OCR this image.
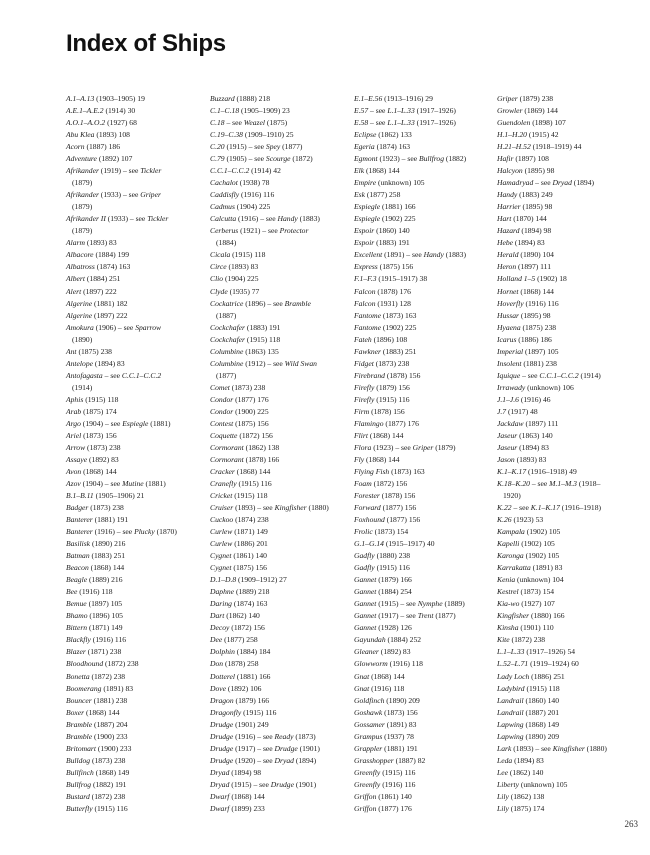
Index of Ships
A.1–A.13 (1903–1905) 19
A.E.1–A.E.2 (1914) 30
A.O.1–A.O.2 (1927) 68
Abu Klea (1893) 108
Acorn (1887) 186
Adventure (1892) 107
Afrikander (1919) – see Tickler
(1879)
Afrikander (1933) – see Griper
(1879)
Afrikander II (1933) – see Tickler
(1879)
Alarm (1893) 83
Albacore (1884) 199
Albatross (1874) 163
Albert (1884) 251
Alert (1897) 222
Algerine (1881) 182
Algerine (1897) 222
Amokura (1906) – see Sparrow
(1890)
Ant (1875) 238
Antelope (1894) 83
Antofagasta – see C.C.1–C.C.2
(1914)
Aphis (1915) 118
Arab (1875) 174
Argo (1904) – see Espiegle (1881)
Ariel (1873) 156
Arrow (1873) 238
Assaye (1892) 83
Avon (1868) 144
Azov (1904) – see Mutine (1881)
B.1–B.11 (1905–1906) 21
Badger (1873) 238
Banterer (1881) 191
Banterer (1916) – see Plucky (1870)
Basilisk (1890) 216
Batman (1883) 251
Beacon (1868) 144
Beagle (1889) 216
Bee (1916) 118
Bemue (1897) 105
Bhamo (1896) 105
Bittern (1871) 149
Blackfly (1916) 116
Blazer (1871) 238
Bloodhound (1872) 238
Bonetta (1872) 238
Boomerang (1891) 83
Bouncer (1881) 238
Boxer (1868) 144
Bramble (1887) 204
Bramble (1900) 233
Britomart (1900) 233
Bulldog (1873) 238
Bullfinch (1868) 149
Bullfrog (1882) 191
Bustard (1872) 238
Butterfly (1915) 116
Buzzard (1888) 218
C.1–C.18 (1905–1909) 23
C.18 – see Weazel (1875)
C.19–C.38 (1909–1910) 25
C.20 (1915) – see Spey (1877)
C.79 (1905) – see Scourge (1872)
C.C.1–C.C.2 (1914) 42
Cachalot (1938) 78
Caddisfly (1916) 116
Cadmus (1904) 225
Calcutta (1916) – see Handy (1883)
Cerberus (1921) – see Protector
(1884)
Cicala (1915) 118
Circe (1893) 83
Clio (1904) 225
Clyde (1935) 77
Cockatrice (1896) – see Bramble
(1887)
Cockchafer (1883) 191
Cockchafer (1915) 118
Columbine (1863) 135
Columbine (1912) – see Wild Swan
(1877)
Comet (1873) 238
Condor (1877) 176
Condor (1900) 225
Contest (1875) 156
Coquette (1872) 156
Cormorant (1862) 138
Cormorant (1878) 166
Cracker (1868) 144
Cranefly (1915) 116
Cricket (1915) 118
Cruiser (1893) – see Kingfisher (1880)
Cuckoo (1874) 238
Curlew (1871) 149
Curlew (1886) 201
Cygnet (1861) 140
Cygnet (1875) 156
D.1–D.8 (1909–1912) 27
Daphne (1889) 218
Daring (1874) 163
Dart (1862) 140
Decoy (1872) 156
Dee (1877) 258
Dolphin (1884) 184
Don (1878) 258
Dotterel (1881) 166
Dove (1892) 106
Dragon (1879) 166
Dragonfly (1915) 116
Drudge (1901) 249
Drudge (1916) – see Ready (1873)
Drudge (1917) – see Drudge (1901)
Drudge (1920) – see Dryad (1894)
Dryad (1894) 98
Dryad (1915) – see Drudge (1901)
Dwarf (1868) 144
Dwarf (1899) 233
E.1–E.56 (1913–1916) 29
E.57 – see L.1–L.33 (1917–1926)
E.58 – see L.1–L.33 (1917–1926)
Eclipse (1862) 133
Egeria (1874) 163
Egmont (1923) – see Bullfrog (1882)
Elk (1868) 144
Empire (unknown) 105
Esk (1877) 258
Espiegle (1881) 166
Espiegle (1902) 225
Espoir (1860) 140
Espoir (1883) 191
Excellent (1891) – see Handy (1883)
Express (1875) 156
F.1–F.3 (1915–1917) 38
Falcon (1878) 176
Falcon (1931) 128
Fantome (1873) 163
Fantome (1902) 225
Fateh (1896) 108
Fawkner (1883) 251
Fidget (1873) 238
Firebrand (1878) 156
Firefly (1879) 156
Firefly (1915) 116
Firm (1878) 156
Flamingo (1877) 176
Flirt (1868) 144
Flora (1923) – see Griper (1879)
Fly (1868) 144
Flying Fish (1873) 163
Foam (1872) 156
Forester (1878) 156
Forward (1877) 156
Foxhound (1877) 156
Frolic (1873) 154
G.1–G.14 (1915–1917) 40
Gadfly (1880) 238
Gadfly (1915) 116
Gannet (1879) 166
Gannet (1884) 254
Gannet (1915) – see Nymphe (1889)
Gannet (1917) – see Trent (1877)
Gannet (1928) 126
Gayundah (1884) 252
Gleaner (1892) 83
Glowworm (1916) 118
Gnat (1868) 144
Gnat (1916) 118
Goldfinch (1890) 209
Goshawk (1873) 156
Gossamer (1891) 83
Grampus (1937) 78
Grappler (1881) 191
Grasshopper (1887) 82
Greenfly (1915) 116
Greenfly (1916) 116
Griffon (1861) 140
Griffon (1877) 176
Griper (1879) 238
Growler (1869) 144
Guendolen (1898) 107
H.1–H.20 (1915) 42
H.21–H.52 (1918–1919) 44
Hafir (1897) 108
Halcyon (1895) 98
Hamadryad – see Dryad (1894)
Handy (1883) 249
Harrier (1895) 98
Hart (1870) 144
Hazard (1894) 98
Hebe (1894) 83
Herald (1890) 104
Heron (1897) 111
Holland 1–5 (1902) 18
Hornet (1868) 144
Hoverfly (1916) 116
Hussar (1895) 98
Hyaena (1875) 238
Icarus (1886) 186
Imperial (1897) 105
Insolent (1881) 238
Iquique – see C.C.1–C.C.2 (1914)
Irrawady (unknown) 106
J.1–J.6 (1916) 46
J.7 (1917) 48
Jackdaw (1897) 111
Jaseur (1863) 140
Jaseur (1894) 83
Jason (1893) 83
K.1–K.17 (1916–1918) 49
K.18–K.20 – see M.1–M.3 (1918–
1920)
K.22 – see K.1–K.17 (1916–1918)
K.26 (1923) 53
Kampala (1902) 105
Kapelli (1902) 105
Karonga (1902) 105
Karrakatta (1891) 83
Kenia (unknown) 104
Kestrel (1873) 154
Kia-wo (1927) 107
Kingfisher (1880) 166
Kinsha (1901) 110
Kite (1872) 238
L.1–L.33 (1917–1926) 54
L.52–L.71 (1919–1924) 60
Lady Loch (1886) 251
Ladybird (1915) 118
Landrail (1860) 140
Landrail (1887) 201
Lapwing (1868) 149
Lapwing (1890) 209
Lark (1893) – see Kingfisher (1880)
Leda (1894) 83
Lee (1862) 140
Liberty (unknown) 105
Lily (1862) 138
Lily (1875) 174
263
